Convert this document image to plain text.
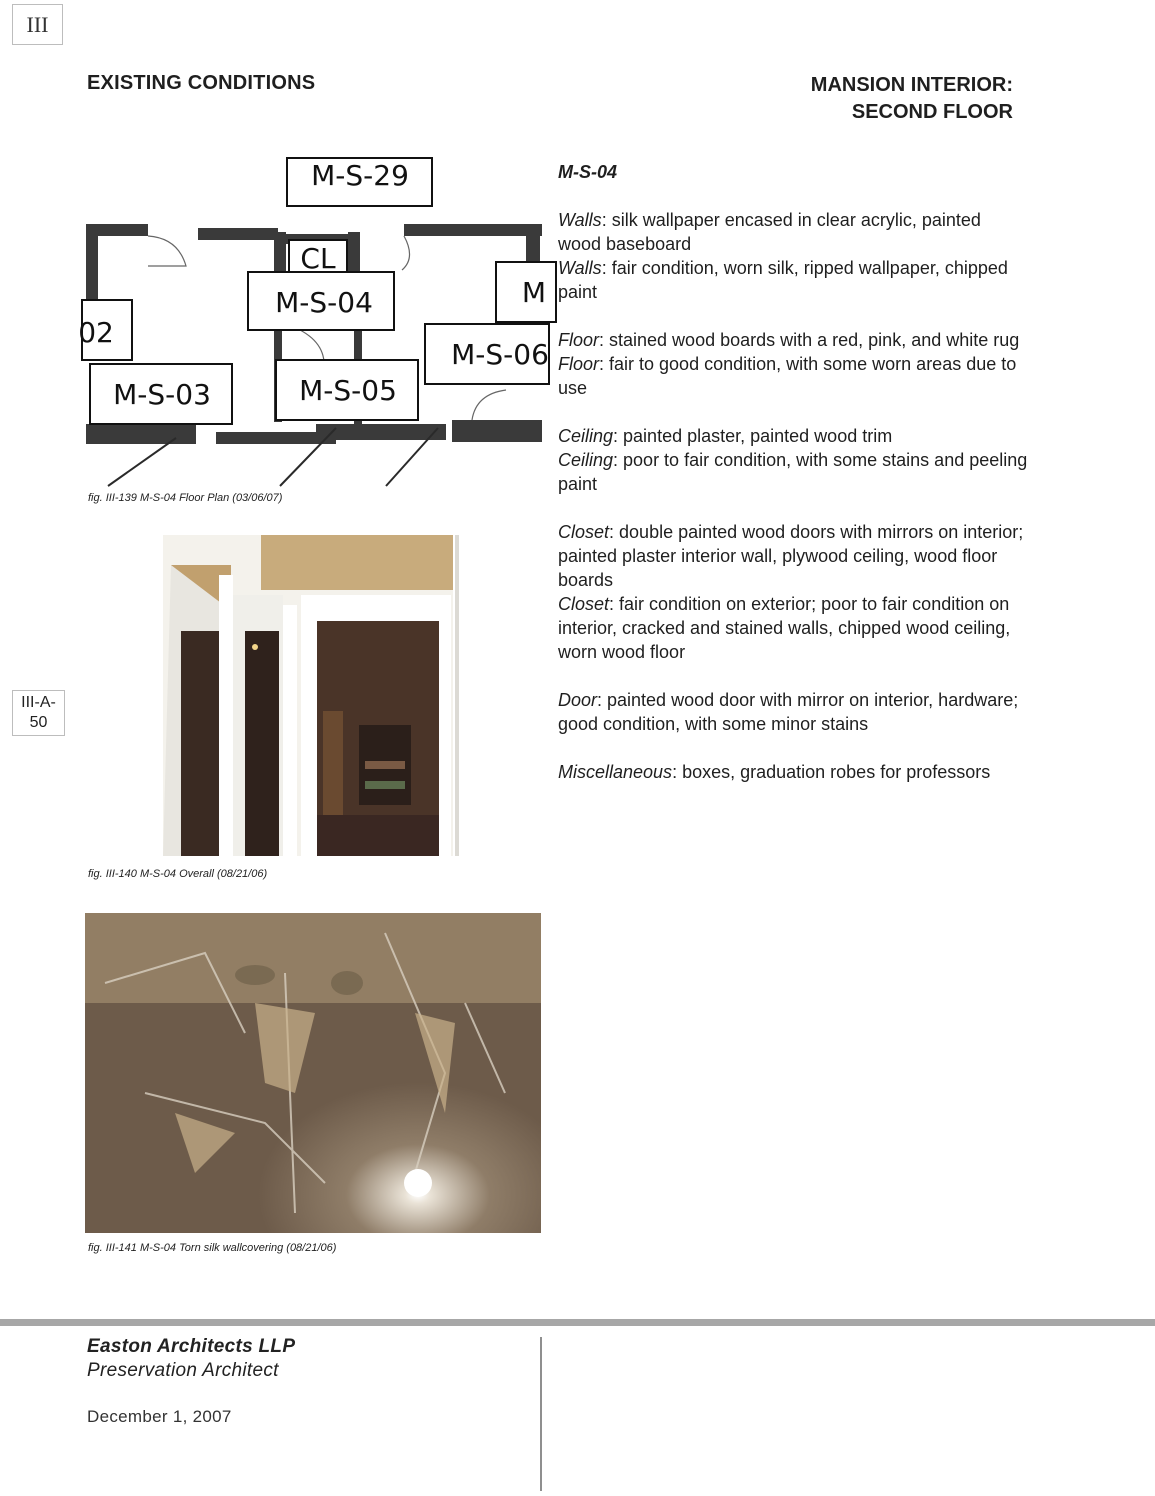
III
III-A-50
EXISTING CONDITIONS	MANSION INTERIOR:
SECOND FLOOR
M-S-29
CL
M-S-04
02
M-S-03	M-S-05
M-S-06
M
fig. III-139 M-S-04 Floor Plan (03/06/07)
fig. III-140 M-S-04 Overall (08/21/06)
fig. III-141 M-S-04 Torn silk wallcovering (08/21/06)
M-S-04
Walls: silk wallpaper encased in clear acrylic, painted wood baseboard
Walls: fair condition, worn silk, ripped wallpaper, chipped paint
Floor: stained wood boards with a red, pink, and white rug
Floor: fair to good condition, with some worn areas due to use
Ceiling: painted plaster, painted wood trim
Ceiling: poor to fair condition, with some stains and peeling paint
Closet: double painted wood doors with mirrors on interior; painted plaster interior wall, plywood ceiling, wood floor boards
Closet: fair condition on exterior; poor to fair condition on interior, cracked and stained walls, chipped wood ceiling, worn wood floor
Door: painted wood door with mirror on interior, hardware; good condition, with some minor stains
Miscellaneous: boxes, graduation robes for professors
Easton Architects LLP
Preservation Architect
December 1, 2007
